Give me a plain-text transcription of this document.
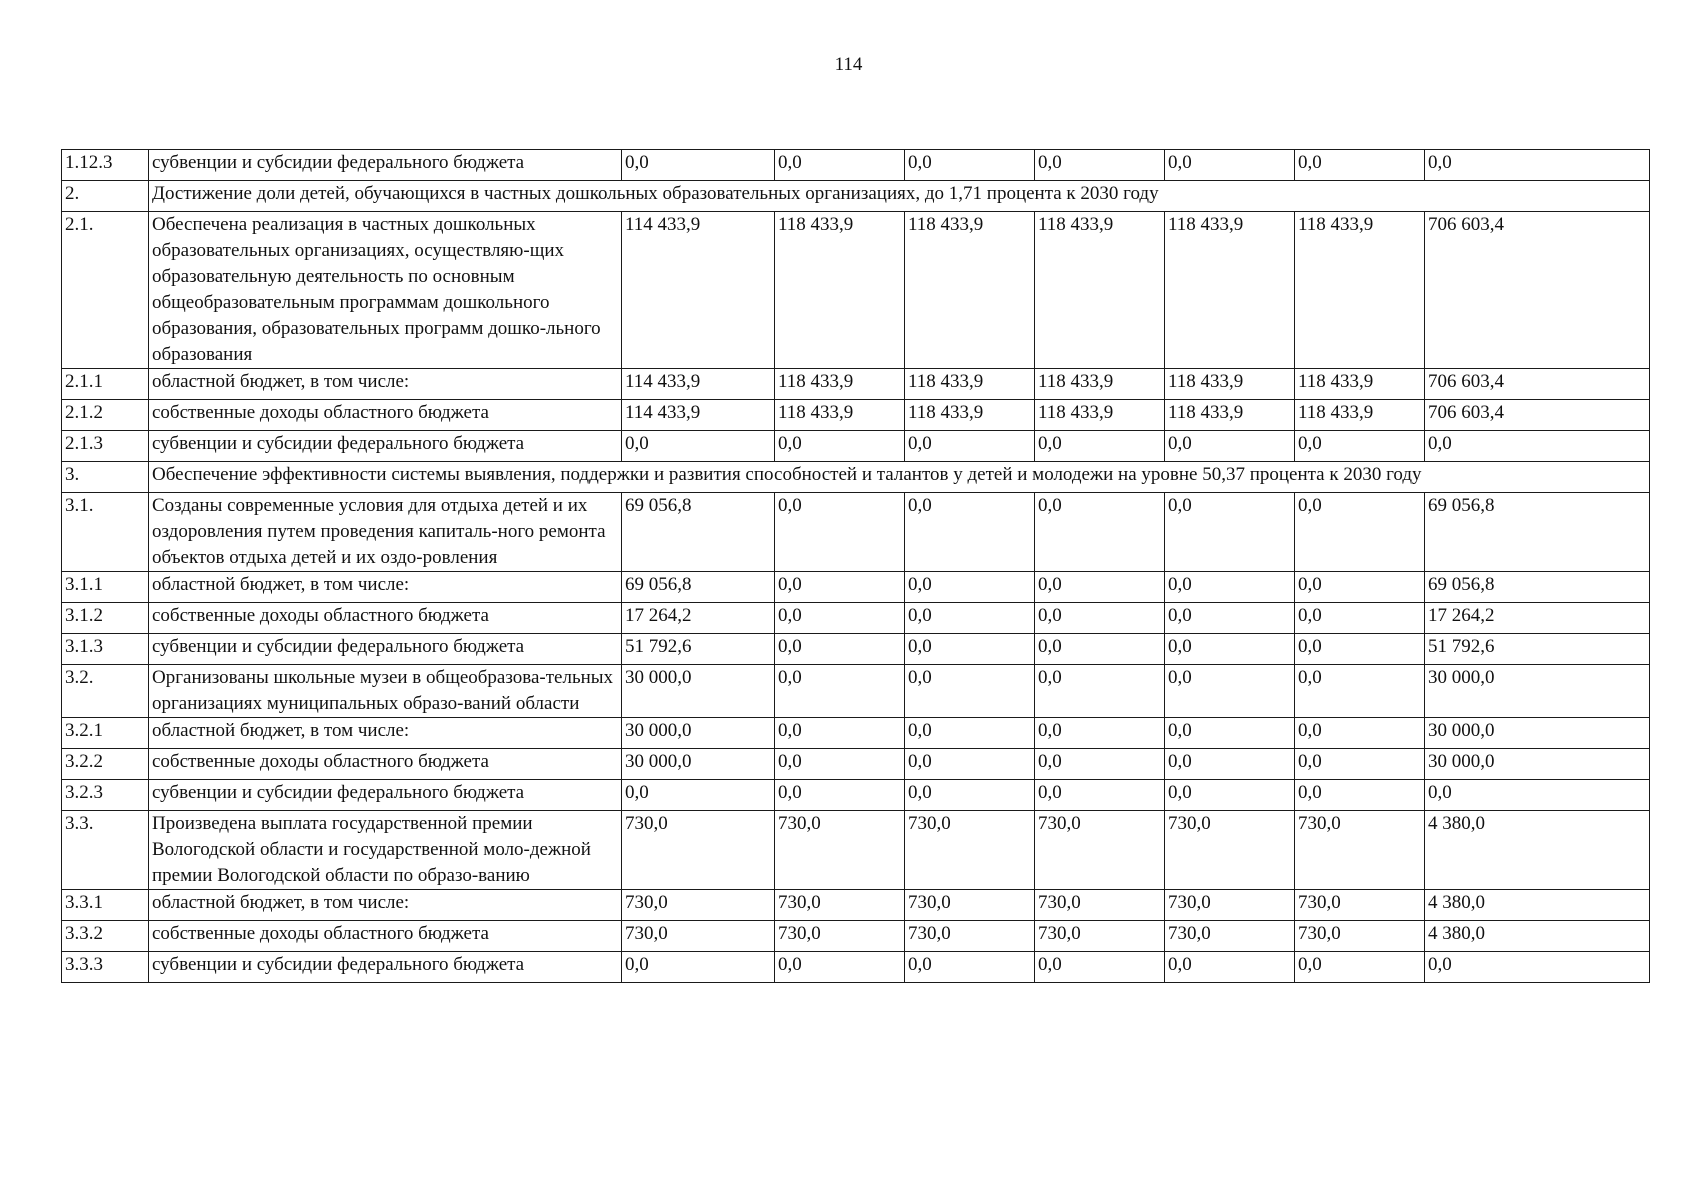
114
1.12.3	субвенции и субсидии федерального бюджета	0,0	0,0	0,0	0,0	0,0	0,0	0,0
2.	Достижение доли детей, обучающихся в частных дошкольных образовательных организациях, до 1,71 процента к 2030 году							
2.1.	Обеспечена реализация в частных дошкольных образовательных организациях, осуществляю-щих образовательную деятельность по основным общеобразовательным программам дошкольного образования, образовательных программ дошко-льного образования	114 433,9	118 433,9	118 433,9	118 433,9	118 433,9	118 433,9	706 603,4
2.1.1	областной бюджет, в том числе:	114 433,9	118 433,9	118 433,9	118 433,9	118 433,9	118 433,9	706 603,4
2.1.2	собственные доходы областного бюджета	114 433,9	118 433,9	118 433,9	118 433,9	118 433,9	118 433,9	706 603,4
2.1.3	субвенции и субсидии федерального бюджета	0,0	0,0	0,0	0,0	0,0	0,0	0,0
3.	Обеспечение эффективности системы выявления, поддержки и развития способностей и талантов у детей и молодежи на уровне 50,37 процента к 2030 году							
3.1.	Созданы современные условия для отдыха детей и их оздоровления путем проведения капиталь-ного ремонта объектов отдыха детей и их оздо-ровления	69 056,8	0,0	0,0	0,0	0,0	0,0	69 056,8
3.1.1	областной бюджет, в том числе:	69 056,8	0,0	0,0	0,0	0,0	0,0	69 056,8
3.1.2	собственные доходы областного бюджета	17 264,2	0,0	0,0	0,0	0,0	0,0	17 264,2
3.1.3	субвенции и субсидии федерального бюджета	51 792,6	0,0	0,0	0,0	0,0	0,0	51 792,6
3.2.	Организованы школьные музеи в общеобразова-тельных организациях муниципальных образо-ваний области	30 000,0	0,0	0,0	0,0	0,0	0,0	30 000,0
3.2.1	областной бюджет, в том числе:	30 000,0	0,0	0,0	0,0	0,0	0,0	30 000,0
3.2.2	собственные доходы областного бюджета	30 000,0	0,0	0,0	0,0	0,0	0,0	30 000,0
3.2.3	субвенции и субсидии федерального бюджета	0,0	0,0	0,0	0,0	0,0	0,0	0,0
3.3.	Произведена выплата государственной премии Вологодской области и государственной моло-дежной премии Вологодской области по образо-ванию	730,0	730,0	730,0	730,0	730,0	730,0	4 380,0
3.3.1	областной бюджет, в том числе:	730,0	730,0	730,0	730,0	730,0	730,0	4 380,0
3.3.2	собственные доходы областного бюджета	730,0	730,0	730,0	730,0	730,0	730,0	4 380,0
3.3.3	субвенции и субсидии федерального бюджета	0,0	0,0	0,0	0,0	0,0	0,0	0,0
